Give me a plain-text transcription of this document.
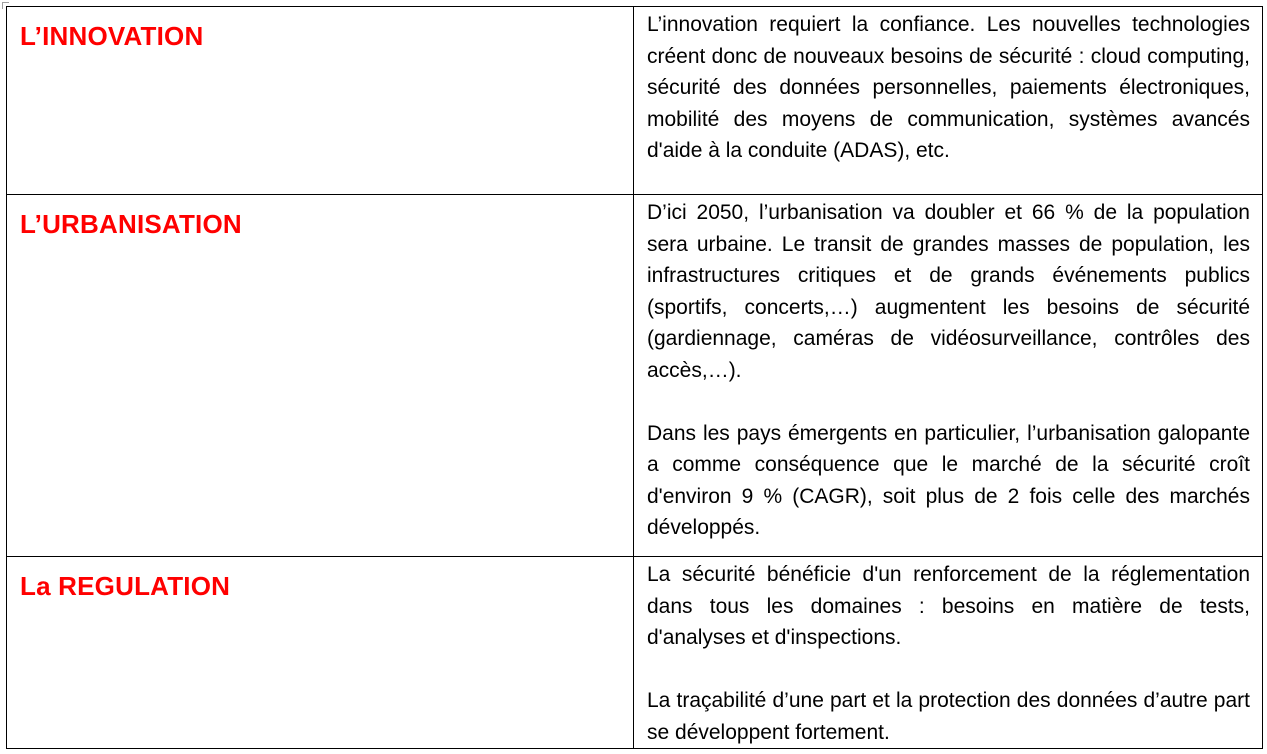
L’INNOVATION	L’innovation requiert la confiance. Les nouvelles technologies créent donc de nouveaux besoins de sécurité : cloud computing, sécurité des données personnelles, paiements électroniques, mobilité des moyens de communication, systèmes avancés d'aide à la conduite (ADAS), etc.

L’URBANISATION	D’ici 2050, l’urbanisation va doubler et 66 % de la population sera urbaine. Le transit de grandes masses de population, les infrastructures critiques et de grands événements publics (sportifs, concerts,…) augmentent les besoins de sécurité (gardiennage, caméras de vidéosurveillance, contrôles des accès,…).

Dans les pays émergents en particulier, l’urbanisation galopante a comme conséquence que le marché de la sécurité croît d'environ 9 % (CAGR), soit plus de 2 fois celle des marchés développés.

La REGULATION	La sécurité bénéficie d'un renforcement de la réglementation dans tous les domaines : besoins en matière de tests, d'analyses et d'inspections.

La traçabilité d’une part et la protection des données d’autre part se développent fortement.
